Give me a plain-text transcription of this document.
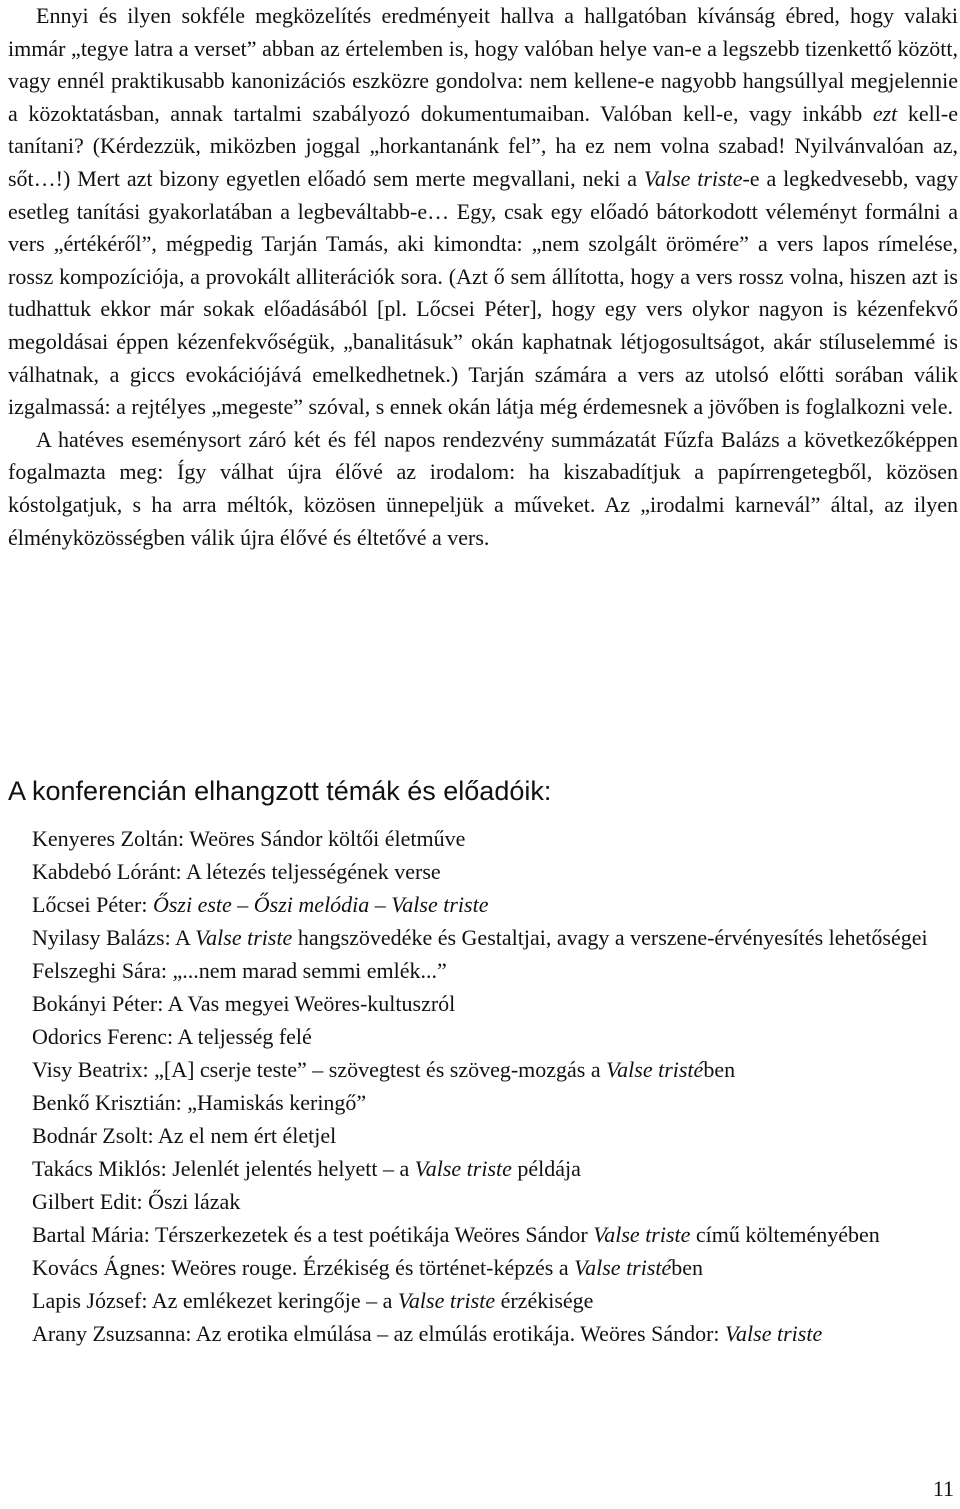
Ennyi és ilyen sokféle megközelítés eredményeit hallva a hallgatóban kívánság ébred, hogy valaki immár „tegye latra a verset” abban az értelemben is, hogy valóban helye van-e a legszebb tizenkettő között, vagy ennél praktikusabb kanonizációs eszközre gondolva: nem kellene-e nagyobb hangsúllyal megjelennie a közoktatásban, annak tartalmi szabályozó dokumentumaiban. Valóban kell-e, vagy inkább ezt kell-e tanítani? (Kérdezzük, miközben joggal „horkantanánk fel”, ha ez nem volna szabad! Nyilvánvalóan az, sőt…!) Mert azt bizony egyetlen előadó sem merte megvallani, neki a Valse triste-e a legkedvesebb, vagy esetleg tanítási gyakorlatában a legbeváltabb-e… Egy, csak egy előadó bátorkodott véleményt formálni a vers „értékéről”, mégpedig Tarján Tamás, aki kimondta: „nem szolgált örömére” a vers lapos rímelése, rossz kompozíciója, a provokált alliterációk sora. (Azt ő sem állította, hogy a vers rossz volna, hiszen azt is tudhattuk ekkor már sokak előadásából [pl. Lőcsei Péter], hogy egy vers olykor nagyon is kézenfekvő megoldásai éppen kézenfekvőségük, „banalitásuk” okán kaphatnak létjogosultságot, akár stíluselemmé is válhatnak, a giccs evokációjává emelkedhetnek.) Tarján számára a vers az utolsó előtti sorában válik izgalmassá: a rejtélyes „megeste” szóval, s ennek okán látja még érdemesnek a jövőben is foglalkozni vele.

A hatéves eseménysort záró két és fél napos rendezvény summázatát Fűzfa Balázs a következőképpen fogalmazta meg: Így válhat újra élővé az irodalom: ha kiszabadítjuk a papírrengetegből, közösen kóstolgatjuk, s ha arra méltók, közösen ünnepeljük a műveket. Az „irodalmi karnevál” által, az ilyen élményközösségben válik újra élővé és éltetővé a vers.

A konferencián elhangzott témák és előadóik:
Kenyeres Zoltán: Weöres Sándor költői életműve
Kabdebó Lóránt: A létezés teljességének verse
Lőcsei Péter: Őszi este – Őszi melódia – Valse triste
Nyilasy Balázs: A Valse triste hangszövedéke és Gestaltjai, avagy a verszene-érvényesítés lehetőségei
Felszeghi Sára: „...nem marad semmi emlék...”
Bokányi Péter: A Vas megyei Weöres-kultuszról
Odorics Ferenc: A teljesség felé
Visy Beatrix: „[A] cserje teste” – szövegtest és szöveg-mozgás a Valse tristében
Benkő Krisztián: „Hamiskás keringő”
Bodnár Zsolt: Az el nem ért életjel
Takács Miklós: Jelenlét jelentés helyett – a Valse triste példája
Gilbert Edit: Őszi lázak
Bartal Mária: Térszerkezetek és a test poétikája Weöres Sándor Valse triste című költeményében
Kovács Ágnes: Weöres rouge. Érzékiség és történet-képzés a Valse tristében
Lapis József: Az emlékezet keringője – a Valse triste érzékisége
Arany Zsuzsanna: Az erotika elmúlása – az elmúlás erotikája. Weöres Sándor: Valse triste
11
